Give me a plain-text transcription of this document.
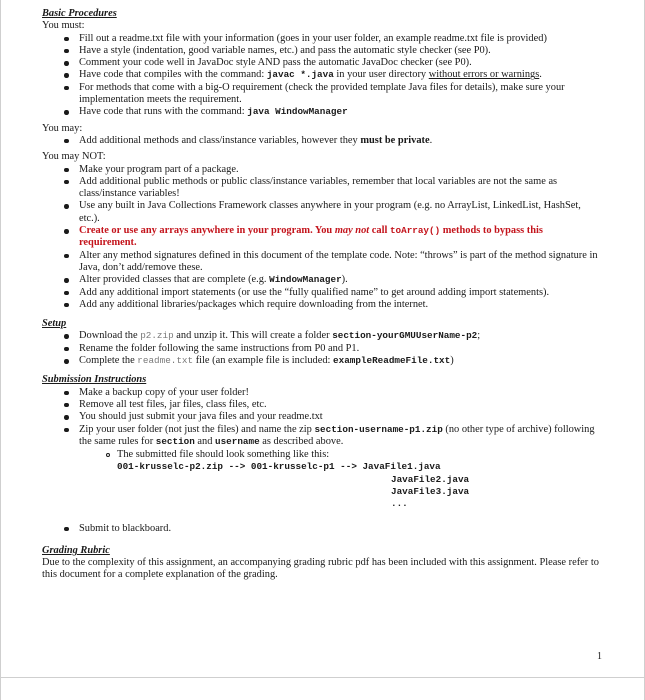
Basic Procedures
You must:
Fill out a readme.txt file with your information (goes in your user folder, an example readme.txt file is provided)
Have a style (indentation, good variable names, etc.) and pass the automatic style checker (see P0).
Comment your code well in JavaDoc style AND pass the automatic JavaDoc checker (see P0).
Have code that compiles with the command: javac *.java in your user directory without errors or warnings.
For methods that come with a big-O requirement (check the provided template Java files for details), make sure your implementation meets the requirement.
Have code that runs with the command: java WindowManager
You may:
Add additional methods and class/instance variables, however they must be private.
You may NOT:
Make your program part of a package.
Add additional public methods or public class/instance variables, remember that local variables are not the same as class/instance variables!
Use any built in Java Collections Framework classes anywhere in your program (e.g. no ArrayList, LinkedList, HashSet, etc.).
Create or use any arrays anywhere in your program. You may not call toArray() methods to bypass this requirement.
Alter any method signatures defined in this document of the template code. Note: “throws” is part of the method signature in Java, don’t add/remove these.
Alter provided classes that are complete (e.g. WindowManager).
Add any additional import statements (or use the “fully qualified name” to get around adding import statements).
Add any additional libraries/packages which require downloading from the internet.
Setup
Download the p2.zip and unzip it. This will create a folder section-yourGMUUserName-p2;
Rename the folder following the same instructions from P0 and P1.
Complete the readme.txt file (an example file is included: exampleReadmeFile.txt)
Submission Instructions
Make a backup copy of your user folder!
Remove all test files, jar files, class files, etc.
You should just submit your java files and your readme.txt
Zip your user folder (not just the files) and name the zip section-username-p1.zip (no other type of archive) following the same rules for section and username as described above.
The submitted file should look something like this:
001-krusselc-p2.zip --> 001-krusselc-p1 --> JavaFile1.java
JavaFile2.java
JavaFile3.java
...
Submit to blackboard.
Grading Rubric
Due to the complexity of this assignment, an accompanying grading rubric pdf has been included with this assignment. Please refer to this document for a complete explanation of the grading.
1
